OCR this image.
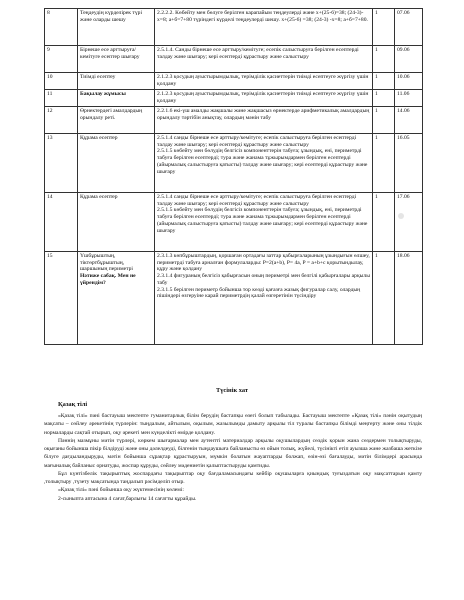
8	Теңдеудің күрделірек түрі және оларды шешу	2.2.2.2. Көбейту мен бөлуге берілген карапайым теңдеулерді және х+(25-6)=38; (24-3)-х=8; а+б=7+80 түріндегі күрделі теңдеулерді шешу. х+(25-6) =38; (24-3) -х=8; а+б=7+80.	1	07.06
9	Бірнеше есе арттыруға/ кемітуге есептер шығару	2.5.1.4. Санды бірнеше есе арттыру/кемітуге; есепік салыстыруға берілген есептерді талдау және шығару; кері есептерді құрастыру және салыстыру	1	09.06
10	Тиімді есептеу	2.1.2.3 қосудың ауыстырымдылық, терімділік қасиеттерін тиімді есептеуге жүргізу үшін қолдану	1	10.06
11	Бақылау жұмысы	2.1.2.3 қосудың ауыстырымдылық, терімділік қасиеттерін тиімді есептеуге жүргізу үшін қолдану	1	11.06
12	Өрнектердегі амалдардың орындалу реті.	2.2.1.6 екі-үш амалды жақшалы және жақшасыз өрнектерде арифметикалық амалдардың орындалу тәртібін анықтау, олардың мәнін табу	1	14.06
13	Құрама есептер	2.5.1.4 санды бірнеше есе арттыру/кемітуге; есепік салыстыруға берілген есептерді талдау және шығару; кері есептерді құрастыру және салыстыру
2.5.1.5 көбейту мен бөлудің белгісіз компоненттерін табуға; ұзындық, ені, периметрді табуға берілген есептерді; тура және жанама тұжырымдармен берілген есептерді (айырмалық салыстыруға қатысты) талдау және шығару; кері есептерді құрастыру және шығару	1	16.05
14	Құрама есептер	2.5.1.4 санды бірнеше есе арттыру/кемітуге; есепік салыстыруға берілген есептерді талдау және шығару; кері есептерді құрастыру және салыстыру
2.5.1.5 көбейту мен бөлудің белгісіз компоненттерін табуға; ұзындық, ені, периметрді табуға берілген есептерді; тура және жанама тұжырымдармен берілген есептерді (айырмалық салыстыруға қатысты) талдау және шығару; кері есептерді құрастыру және шығару	1	17.06
15	Үшбұрыштың, тіктөртбұрыштың, шаршының периметрі
Нәтиже сабақ. Мен не үйрендім?	2.3.1.3 көпбұрыштардың, қоршаған ортадағы заттар қабырғаларының ұзындығын өлшеу, периметрді табуға арналған формулаларды: P=2(a+b), P= 4a, P = a+b+c қорытындылау, құру және қолдану
2.3.1.4 фигураның белгісіз қабырғасын оның периметрі мен белгілі қабырғалары арқылы табу
2.3.1.5 берілген периметр бойынша тор көзді қағазға жазық фигуралар салу, олардың пішіндері өзгеруіне карай периметрдің қалай өзгеретінін түсіндіру	1	18.06
Түсінік хат
Қазақ тілі

«Қазақ тілі» пәні бастауыш мектепте гуманитарлық білім берудің бастапқы өзегі болып табылады. Бастауыш мектепте «Қазақ тілі» пәнін оқытудың мақсаты – сөйлеу әрекетінің түрлерін: тыңдалым, айтылым, оқылым, жазылымды дамыту арқылы тіл туралы бастапқы білімді меңгерту және оны тілдік нормаларды сақтай отырып, оқу әрекеті мен күнделікті өмірде қолдану.

Пәннің мазмұны мәтін түрлері, көркем шығармалар мен аутентті материалдар арқылы оқушылардың сөздік қорын жана сөздермен толықтыруды, оқығаны бойынша пікір білдіруді және оны дәлелдеуді, білгенін тыңдаушыға байланысты өз ойын толық, жүйелі, түсінікті етіп ауызша және жазбаша жеткізе білуге дағдыландыруды, мәтін бойынша сұрақтар құрастыруын, мүмкін болатын жауаптарды болжап, өзін-өзі бағалауды, мәтін білімдері арасында мағыналық байланыс орнатуды, жоспар құруды, сөйлеу мәдениетін қалыптастыруды қамтиды.

Бұл күнтізбелік тақырыптық жоспардағы тақырыптар оқу бағдаламасындағы кейбір оқушыларға қиындық туғыздатын оқу мақсаттарын қамту ,толықтыру ,түзету мақсатында таңдалып рәсімделіп отыр.

«Қазақ тілі» пәні бойынша оқу жүктемесінің көлемі:

2-сыныпта аптасына 4 сағат,барлығы 14 сағатты құрайды.
